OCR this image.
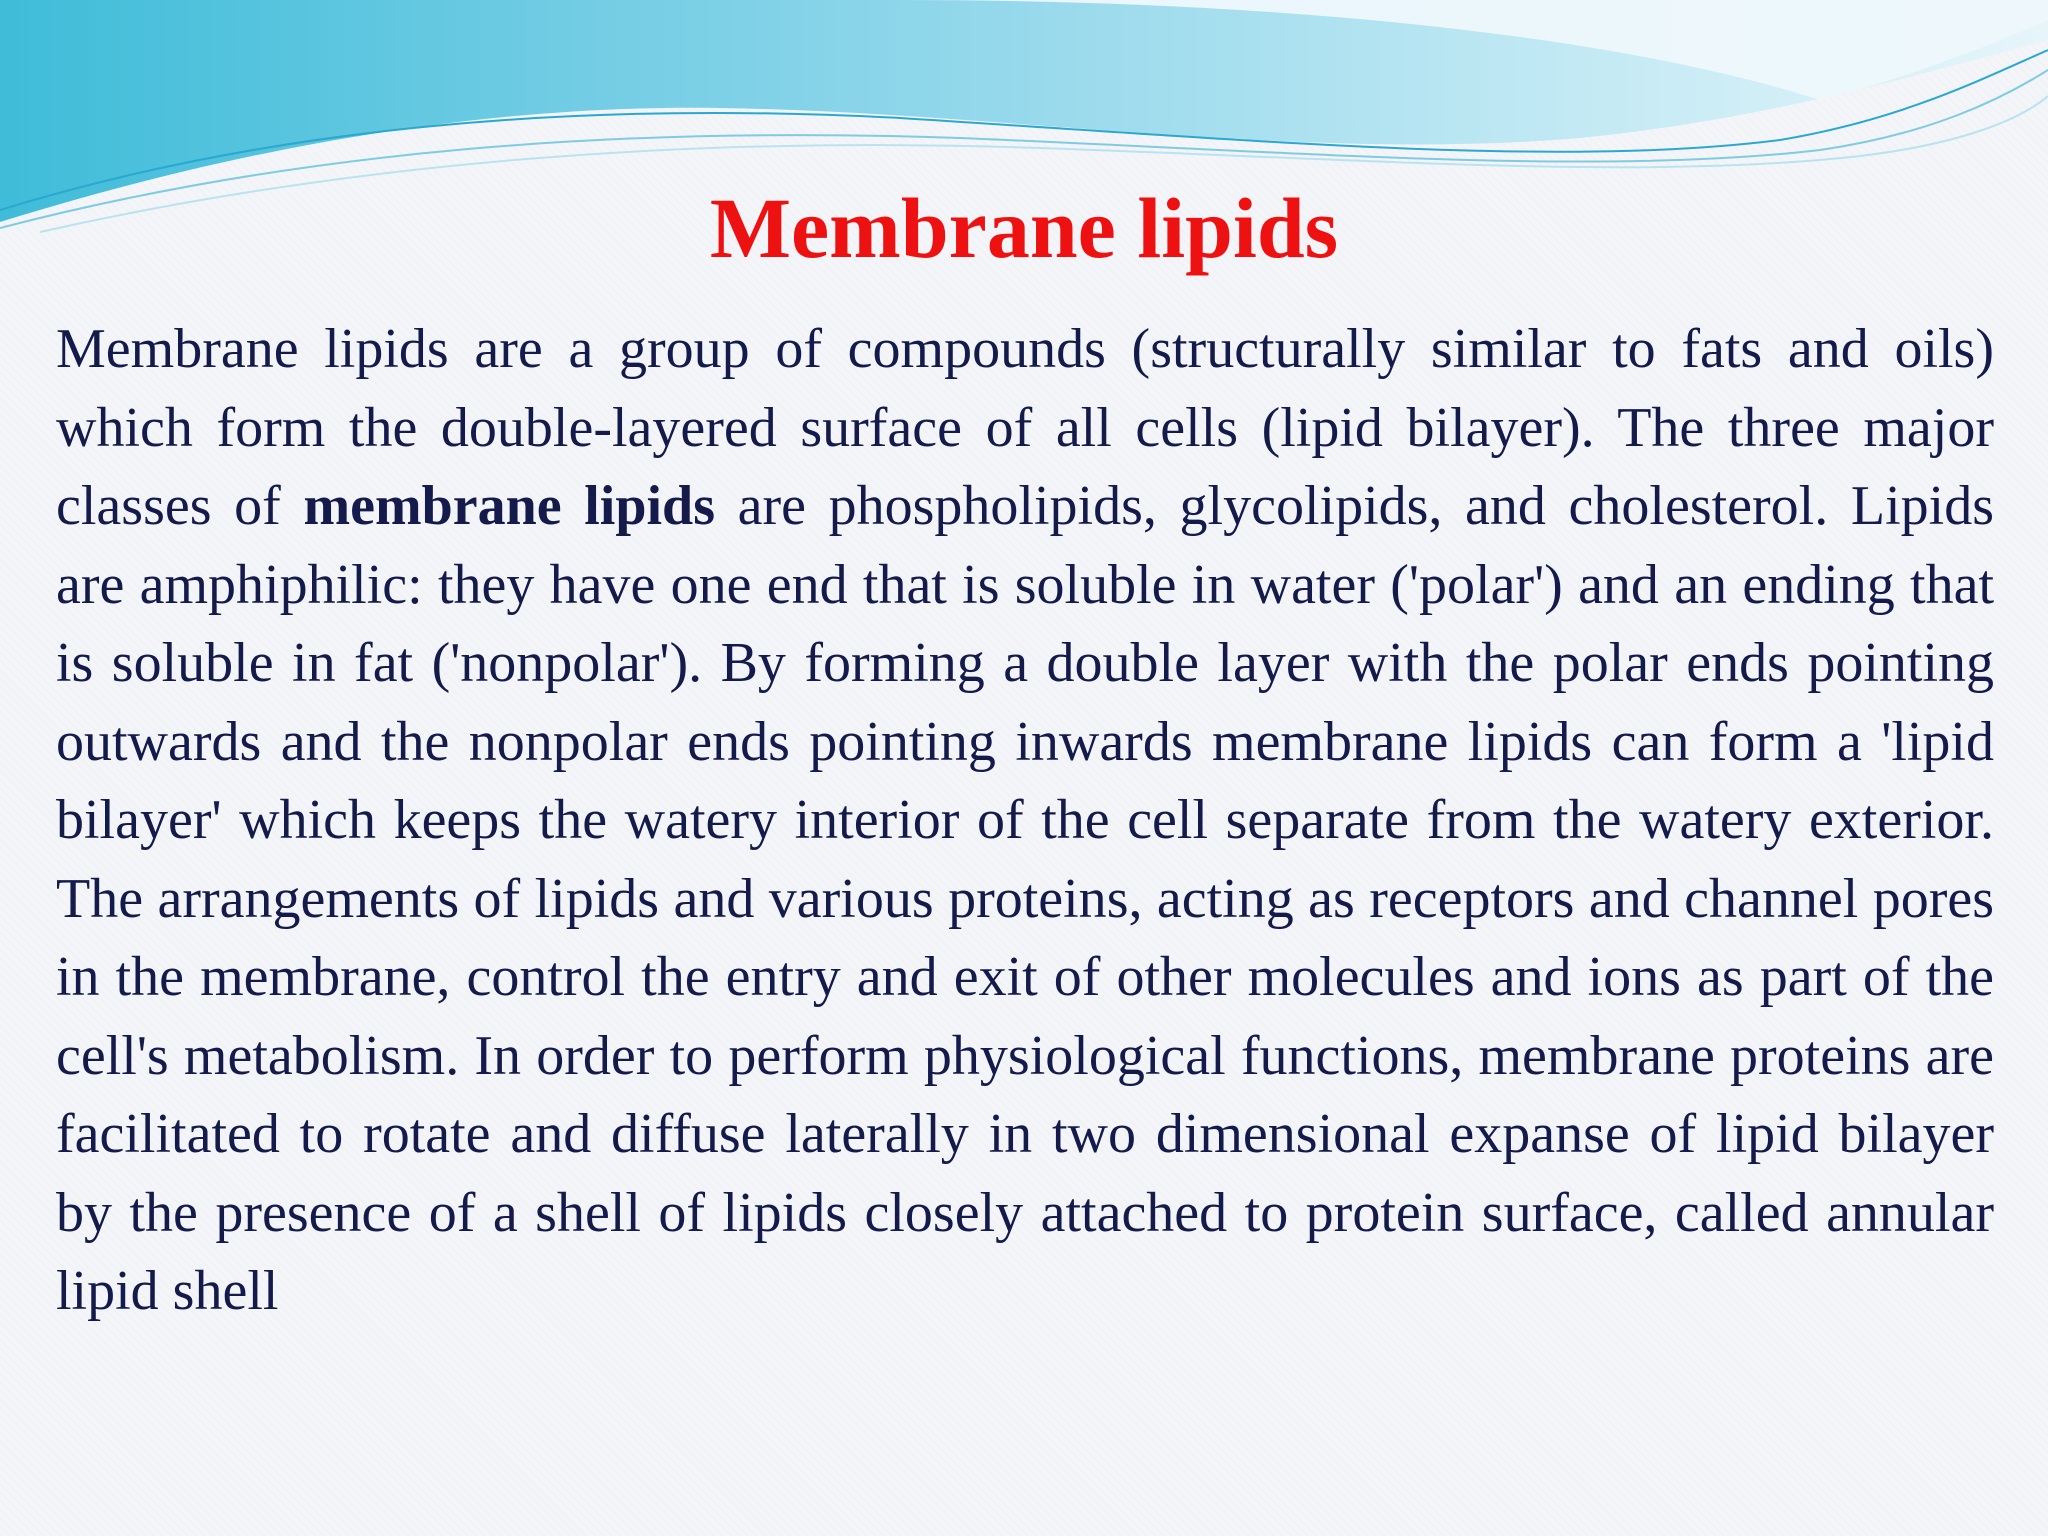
Membrane lipids

Membrane lipids are a group of compounds (structurally similar to fats and oils) which form the double-layered surface of all cells (lipid bilayer). The three major classes of membrane lipids are phospholipids, glycolipids, and cholesterol. Lipids are amphiphilic: they have one end that is soluble in water ('polar') and an ending that is soluble in fat ('nonpolar'). By forming a double layer with the polar ends pointing outwards and the nonpolar ends pointing inwards membrane lipids can form a 'lipid bilayer' which keeps the watery interior of the cell separate from the watery exterior. The arrangements of lipids and various proteins, acting as receptors and channel pores in the membrane, control the entry and exit of other molecules and ions as part of the cell's metabolism. In order to perform physiological functions, membrane proteins are facilitated to rotate and diffuse laterally in two dimensional expanse of lipid bilayer by the presence of a shell of lipids closely attached to protein surface, called annular lipid shell
